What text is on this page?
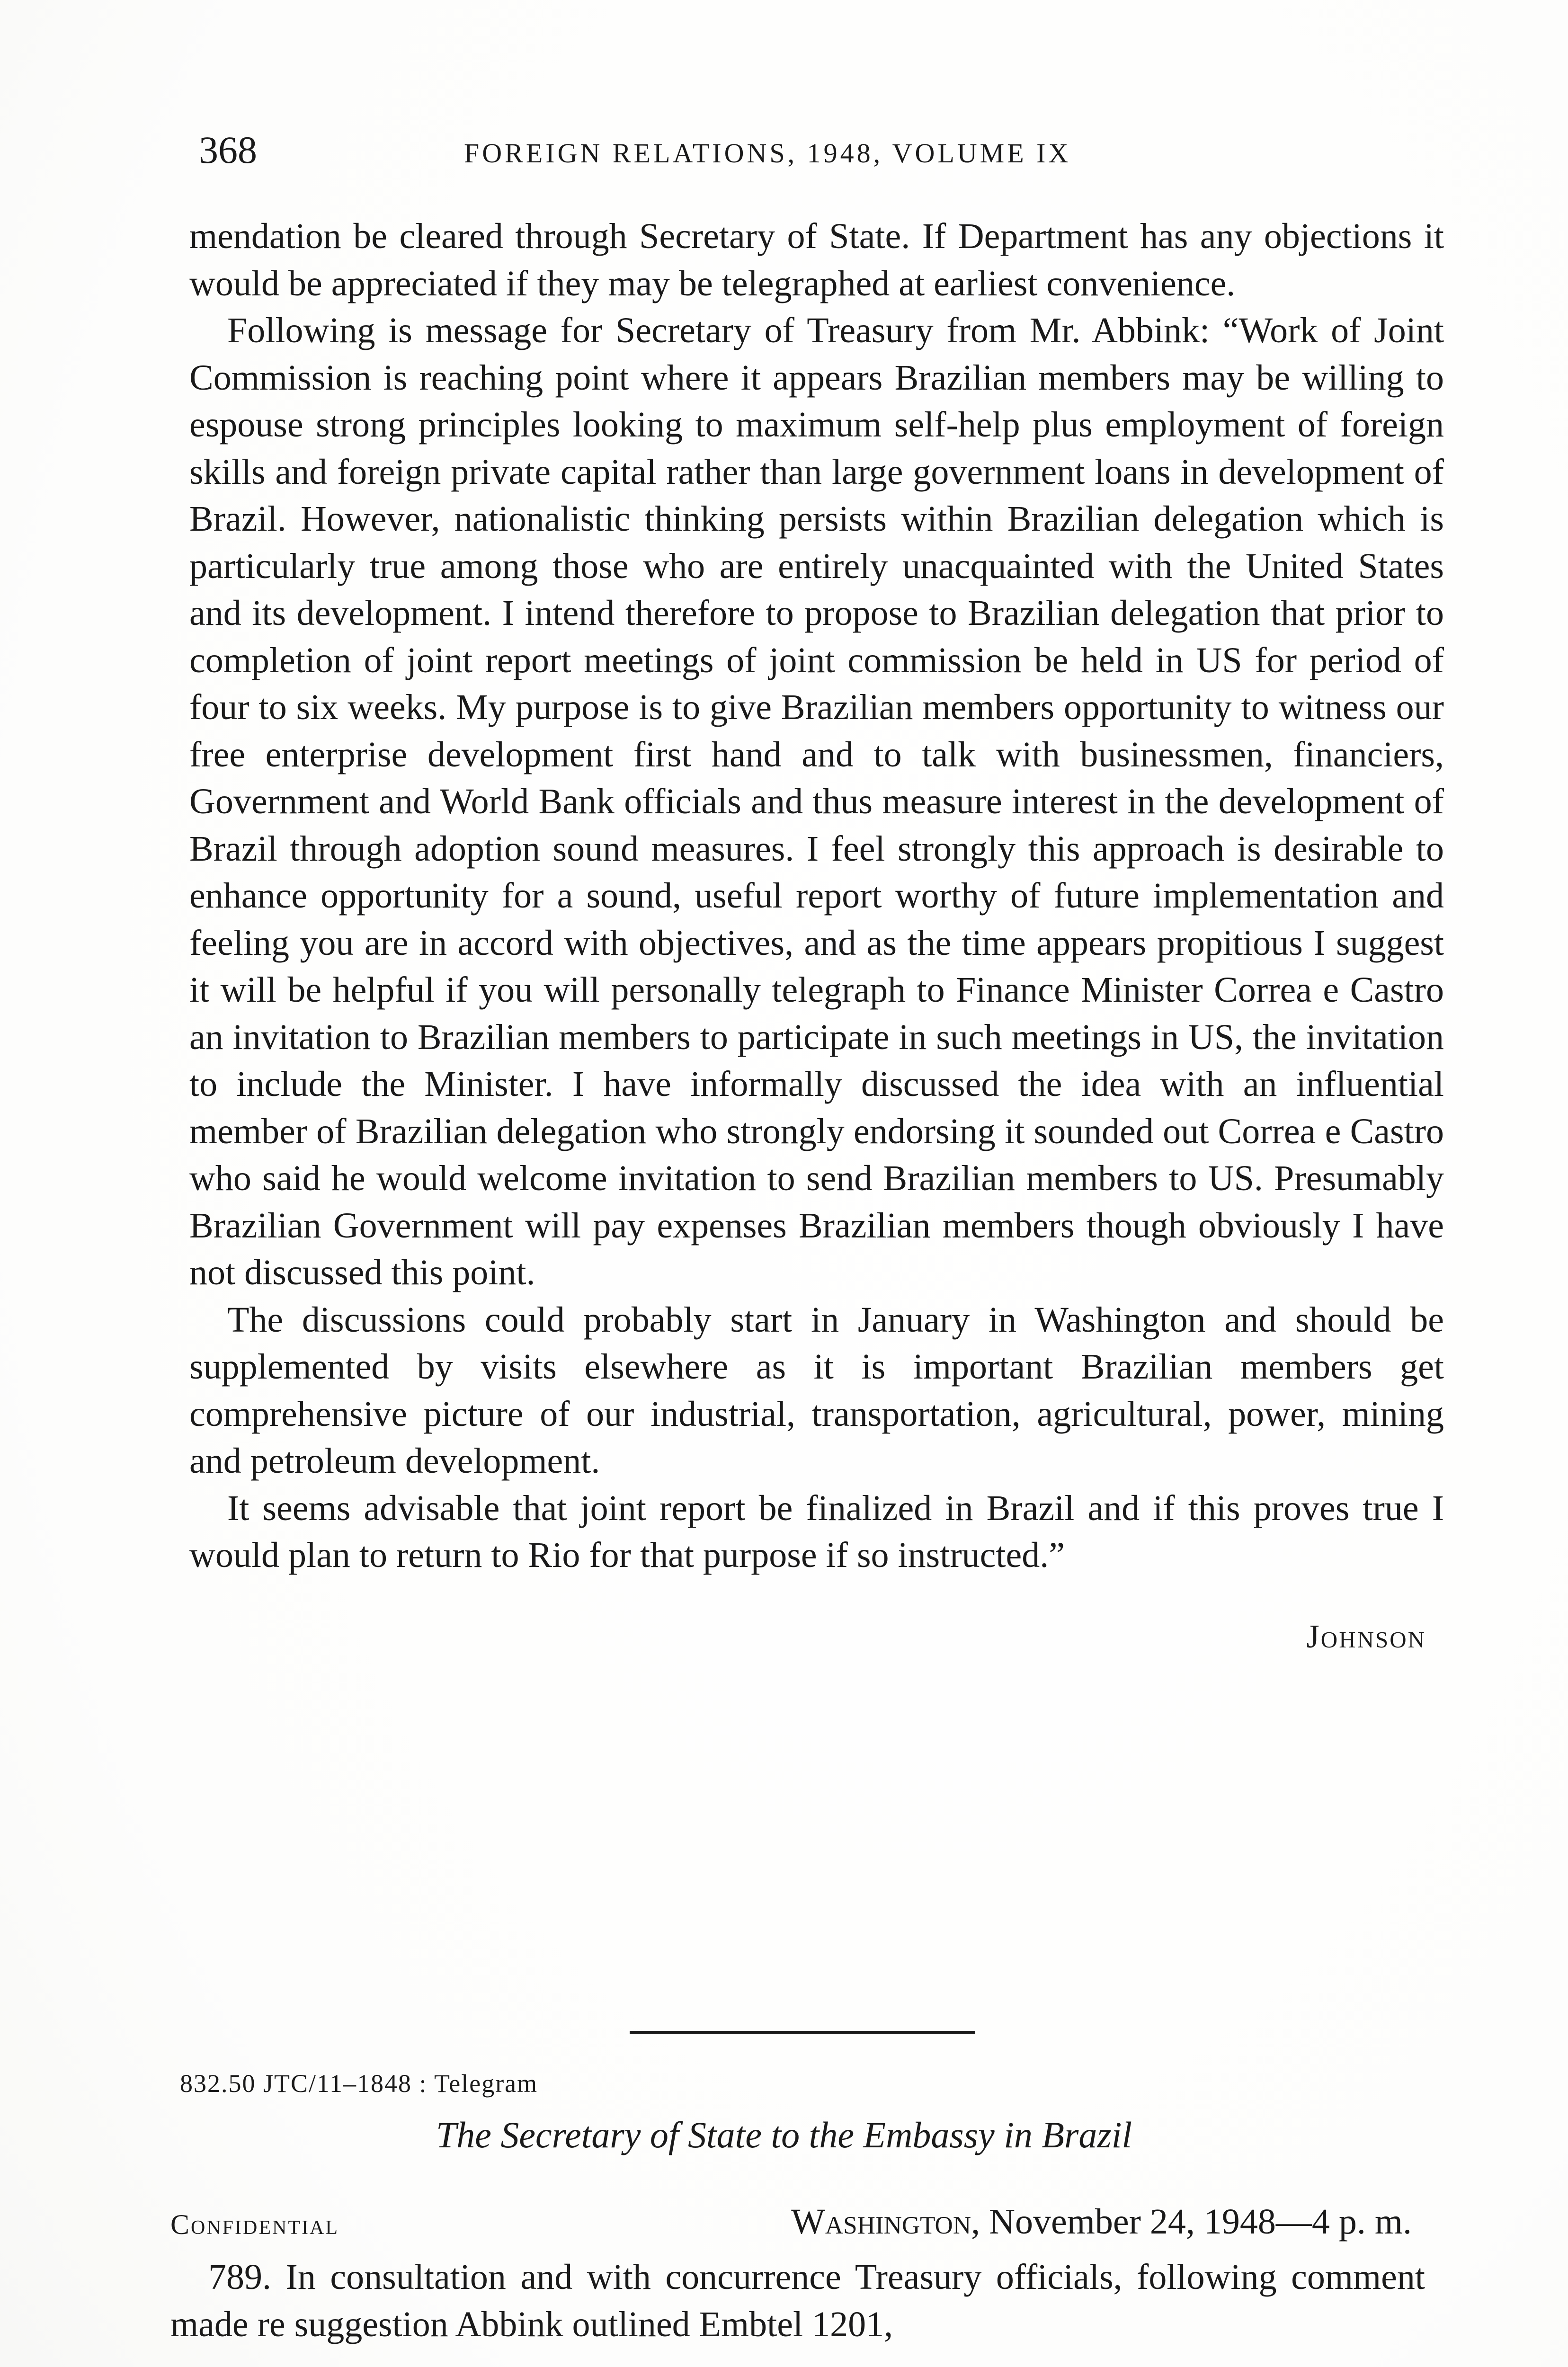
368	FOREIGN RELATIONS, 1948, VOLUME IX

mendation be cleared through Secretary of State. If Department has any objections it would be appreciated if they may be telegraphed at earliest convenience.

Following is message for Secretary of Treasury from Mr. Abbink: “Work of Joint Commission is reaching point where it appears Brazilian members may be willing to espouse strong principles looking to maximum self-help plus employment of foreign skills and foreign private capital rather than large government loans in development of Brazil. However, nationalistic thinking persists within Brazilian delegation which is particularly true among those who are entirely unacquainted with the United States and its development. I intend therefore to propose to Brazilian delegation that prior to completion of joint report meetings of joint commission be held in US for period of four to six weeks. My purpose is to give Brazilian members opportunity to witness our free enterprise development first hand and to talk with businessmen, financiers, Government and World Bank officials and thus measure interest in the development of Brazil through adoption sound measures. I feel strongly this approach is desirable to enhance opportunity for a sound, useful report worthy of future implementation and feeling you are in accord with objectives, and as the time appears propitious I suggest it will be helpful if you will personally telegraph to Finance Minister Correa e Castro an invitation to Brazilian members to participate in such meetings in US, the invitation to include the Minister. I have informally discussed the idea with an influential member of Brazilian delegation who strongly endorsing it sounded out Correa e Castro who said he would welcome invitation to send Brazilian members to US. Presumably Brazilian Government will pay expenses Brazilian members though obviously I have not discussed this point.

The discussions could probably start in January in Washington and should be supplemented by visits elsewhere as it is important Brazilian members get comprehensive picture of our industrial, transportation, agricultural, power, mining and petroleum development.

It seems advisable that joint report be finalized in Brazil and if this proves true I would plan to return to Rio for that purpose if so instructed.”

Johnson
832.50 JTC/11–1848 : Telegram
The Secretary of State to the Embassy in Brazil
Confidential	Washington, November 24, 1948—4 p. m.

789. In consultation and with concurrence Treasury officials, following comment made re suggestion Abbink outlined Embtel 1201,
